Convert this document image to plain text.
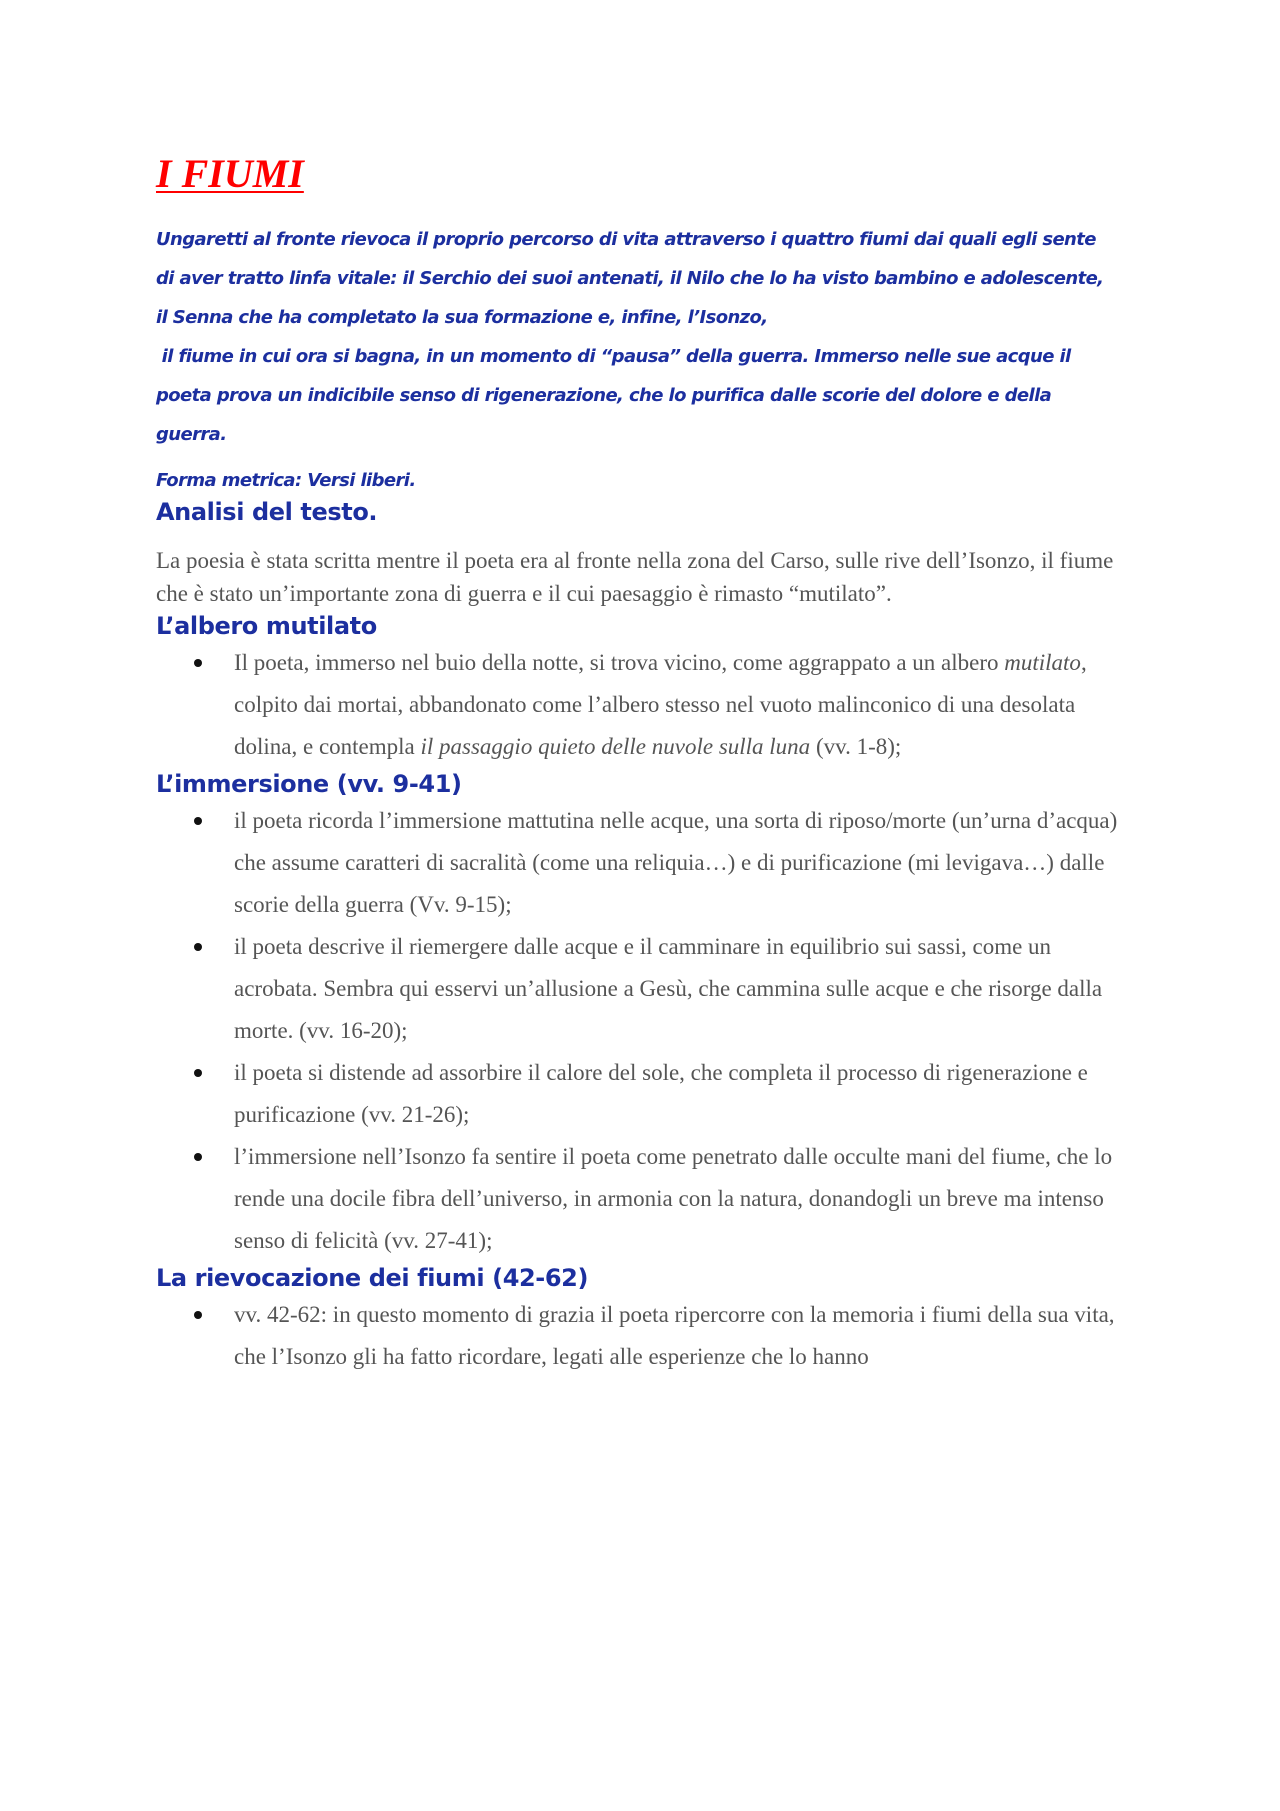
I FIUMI

Ungaretti al fronte rievoca il proprio percorso di vita attraverso i quattro fiumi dai quali egli sente
di aver tratto linfa vitale: il Serchio dei suoi antenati, il Nilo che lo ha visto bambino e adolescente,
il Senna che ha completato la sua formazione e, infine, l’Isonzo,
il fiume in cui ora si bagna, in un momento di “pausa” della guerra. Immerso nelle sue acque il
poeta prova un indicibile senso di rigenerazione, che lo purifica dalle scorie del dolore e della
guerra.

Forma metrica: Versi liberi.

Analisi del testo.

La poesia è stata scritta mentre il poeta era al fronte nella zona del Carso, sulle rive dell’Isonzo, il fiume che è stato un’importante zona di guerra e il cui paesaggio è rimasto “mutilato”.

L’albero mutilato
Il poeta, immerso nel buio della notte, si trova vicino, come aggrappato a un albero mutilato, colpito dai mortai, abbandonato come l’albero stesso nel vuoto malinconico di una desolata dolina, e contempla il passaggio quieto delle nuvole sulla luna (vv. 1-8);
L’immersione (vv. 9-41)
il poeta ricorda l’immersione mattutina nelle acque, una sorta di riposo/morte (un’urna d’acqua) che assume caratteri di sacralità (come una reliquia…) e di purificazione (mi levigava…) dalle scorie della guerra (Vv. 9-15);
il poeta descrive il riemergere dalle acque e il camminare in equilibrio sui sassi, come un acrobata. Sembra qui esservi un’allusione a Gesù, che cammina sulle acque e che risorge dalla morte. (vv. 16-20);
il poeta si distende ad assorbire il calore del sole, che completa il processo di rigenerazione e purificazione (vv. 21-26);
l’immersione nell’Isonzo fa sentire il poeta come penetrato dalle occulte mani del fiume, che lo rende una docile fibra dell’universo, in armonia con la natura, donandogli un breve ma intenso senso di felicità (vv. 27-41);
La rievocazione dei fiumi (42-62)
vv. 42-62: in questo momento di grazia il poeta ripercorre con la memoria i fiumi della sua vita, che l’Isonzo gli ha fatto ricordare, legati alle esperienze che lo hanno
